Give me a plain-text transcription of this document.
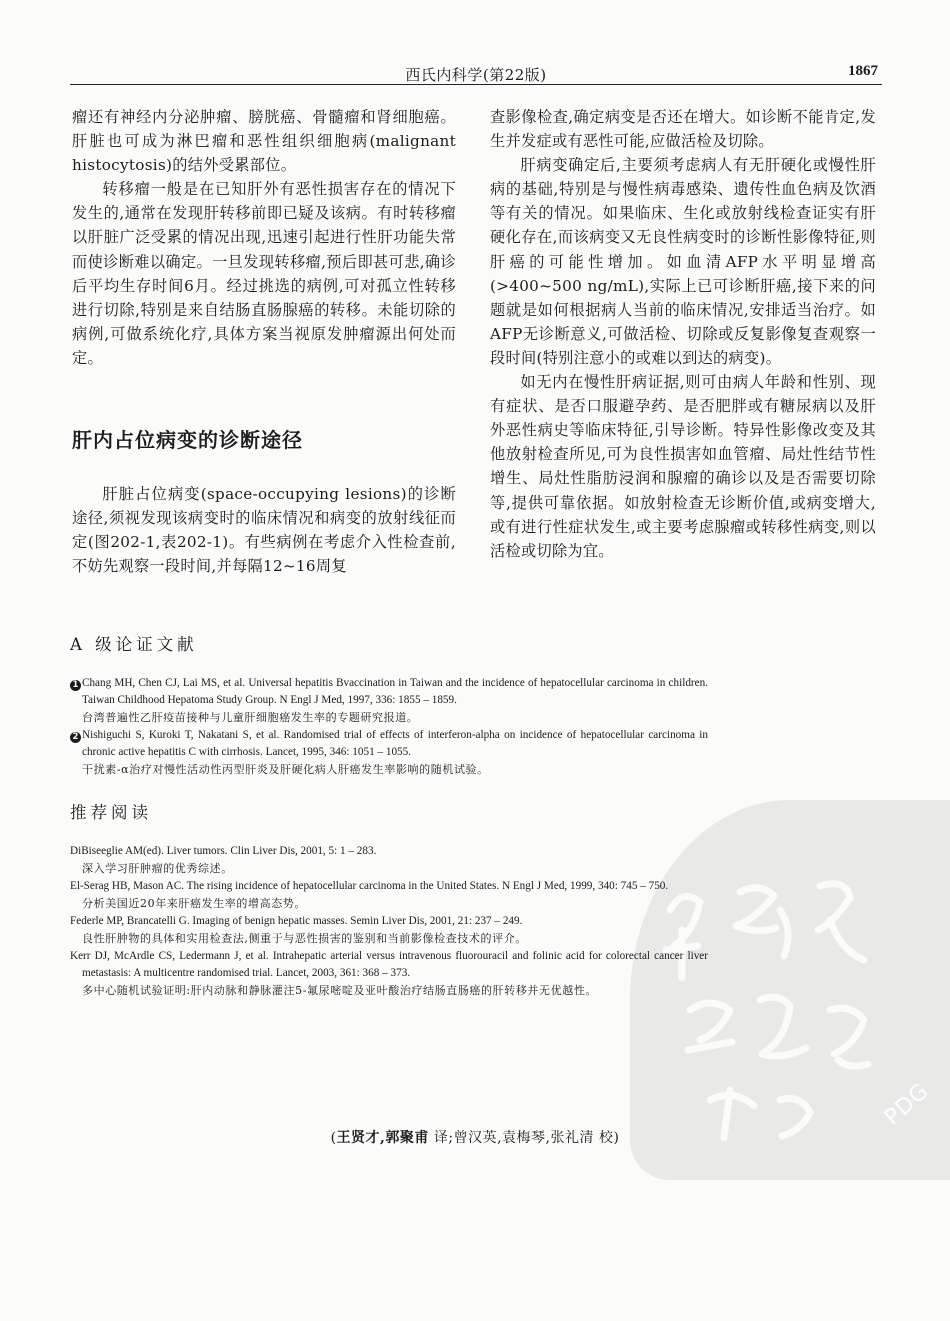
西氏内科学(第22版)	1867

瘤还有神经内分泌肿瘤、膀胱癌、骨髓瘤和肾细胞癌。肝脏也可成为淋巴瘤和恶性组织细胞病(malignant histocytosis)的结外受累部位。

转移瘤一般是在已知肝外有恶性损害存在的情况下发生的,通常在发现肝转移前即已疑及该病。有时转移瘤以肝脏广泛受累的情况出现,迅速引起进行性肝功能失常而使诊断难以确定。一旦发现转移瘤,预后即甚可悲,确诊后平均生存时间6月。经过挑选的病例,可对孤立性转移进行切除,特别是来自结肠直肠腺癌的转移。未能切除的病例,可做系统化疗,具体方案当视原发肿瘤源出何处而定。

肝内占位病变的诊断途径

肝脏占位病变(space-occupying lesions)的诊断途径,须视发现该病变时的临床情况和病变的放射线征而定(图202-1,表202-1)。有些病例在考虑介入性检查前,不妨先观察一段时间,并每隔12~16周复

查影像检查,确定病变是否还在增大。如诊断不能肯定,发生并发症或有恶性可能,应做活检及切除。

肝病变确定后,主要须考虑病人有无肝硬化或慢性肝病的基础,特别是与慢性病毒感染、遗传性血色病及饮酒等有关的情况。如果临床、生化或放射线检查证实有肝硬化存在,而该病变又无良性病变时的诊断性影像特征,则肝癌的可能性增加。如血清AFP水平明显增高(>400~500 ng/mL),实际上已可诊断肝癌,接下来的问题就是如何根据病人当前的临床情况,安排适当治疗。如AFP无诊断意义,可做活检、切除或反复影像复查观察一段时间(特别注意小的或难以到达的病变)。

如无内在慢性肝病证据,则可由病人年龄和性别、现有症状、是否口服避孕药、是否肥胖或有糖尿病以及肝外恶性病史等临床特征,引导诊断。特异性影像改变及其他放射检查所见,可为良性损害如血管瘤、局灶性结节性增生、局灶性脂肪浸润和腺瘤的确诊以及是否需要切除等,提供可靠依据。如放射检查无诊断价值,或病变增大,或有进行性症状发生,或主要考虑腺瘤或转移性病变,则以活检或切除为宜。

PDG
A 级论证文献
1 Chang MH, Chen CJ, Lai MS, et al. Universal hepatitis Bvaccination in Taiwan and the incidence of hepatocellular carcinoma in children. Taiwan Childhood Hepatoma Study Group. N Engl J Med, 1997, 336: 1855 – 1859.
台湾普遍性乙肝疫苗接种与儿童肝细胞癌发生率的专题研究报道。
2 Nishiguchi S, Kuroki T, Nakatani S, et al. Randomised trial of effects of interferon-alpha on incidence of hepatocellular carcinoma in chronic active hepatitis C with cirrhosis. Lancet, 1995, 346: 1051 – 1055.
干扰素-α治疗对慢性活动性丙型肝炎及肝硬化病人肝癌发生率影响的随机试验。
推荐阅读
DiBiseeglie AM(ed). Liver tumors. Clin Liver Dis, 2001, 5: 1 – 283.
深入学习肝肿瘤的优秀综述。
El-Serag HB, Mason AC. The rising incidence of hepatocellular carcinoma in the United States. N Engl J Med, 1999, 340: 745 – 750.
分析美国近20年来肝癌发生率的增高态势。
Federle MP, Brancatelli G. Imaging of benign hepatic masses. Semin Liver Dis, 2001, 21: 237 – 249.
良性肝肿物的具体和实用检查法,侧重于与恶性损害的鉴别和当前影像检查技术的评介。
Kerr DJ, McArdle CS, Ledermann J, et al. Intrahepatic arterial versus intravenous fluorouracil and folinic acid for colorectal cancer liver metastasis: A multicentre randomised trial. Lancet, 2003, 361: 368 – 373.
多中心随机试验证明:肝内动脉和静脉灌注5-氟尿嘧啶及亚叶酸治疗结肠直肠癌的肝转移并无优越性。
(王贤才,郭聚甫 译;曾汉英,袁梅琴,张礼清 校)
